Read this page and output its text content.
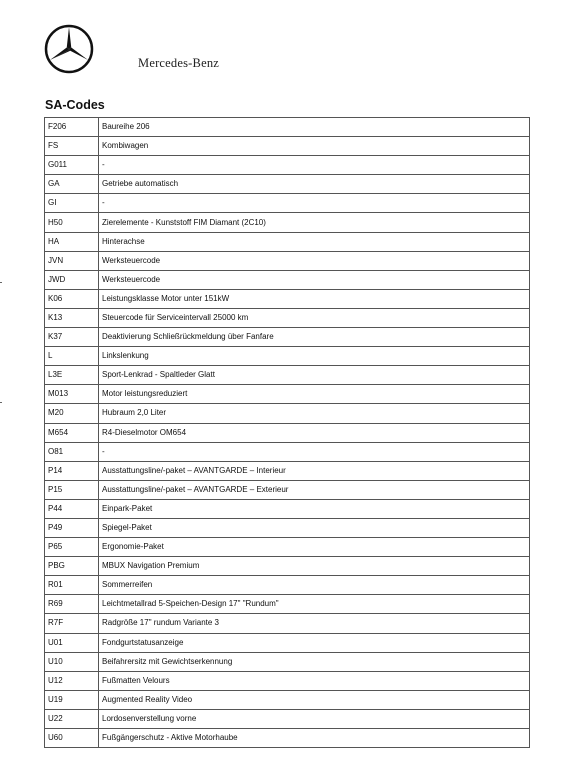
Mercedes-Benz
SA-Codes
F206	Baureihe 206
FS	Kombiwagen
G011	-
GA	Getriebe automatisch
GI	-
H50	Zierelemente - Kunststoff FIM Diamant (2C10)
HA	Hinterachse
JVN	Werksteuercode
JWD	Werksteuercode
K06	Leistungsklasse Motor unter 151kW
K13	Steuercode für Serviceintervall 25000 km
K37	Deaktivierung Schließrückmeldung über Fanfare
L	Linkslenkung
L3E	Sport-Lenkrad - Spaltleder Glatt
M013	Motor leistungsreduziert
M20	Hubraum 2,0 Liter
M654	R4-Dieselmotor OM654
O81	-
P14	Ausstattungsline/-paket – AVANTGARDE – Interieur
P15	Ausstattungsline/-paket – AVANTGARDE – Exterieur
P44	Einpark-Paket
P49	Spiegel-Paket
P65	Ergonomie-Paket
PBG	MBUX Navigation Premium
R01	Sommerreifen
R69	Leichtmetallrad 5-Speichen-Design 17" "Rundum"
R7F	Radgröße 17" rundum Variante 3
U01	Fondgurtstatusanzeige
U10	Beifahrersitz mit Gewichtserkennung
U12	Fußmatten Velours
U19	Augmented Reality Video
U22	Lordosenverstellung vorne
U60	Fußgängerschutz - Aktive Motorhaube
